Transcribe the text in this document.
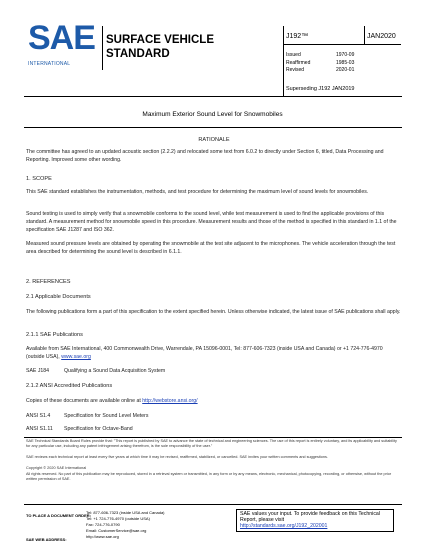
SAE
INTERNATIONAL
SURFACE VEHICLE
STANDARD
J192™	JAN2020
Issued	1970-09
Reaffirmed	1985-03
Revised	2020-01
Superseding J192 JAN2019
Maximum Exterior Sound Level for Snowmobiles
RATIONALE
The committee has agreed to an updated acoustic section (2.2.2) and relocated some text from 6.0.2 to directly under Section 6, titled, Data Processing and Reporting. Improved some other wording.
1. SCOPE
This SAE standard establishes the instrumentation, methods, and test procedure for determining the maximum level of sound levels for snowmobiles.
Sound testing is used to simply verify that a snowmobile conforms to the sound level, while test measurement is used to find the applicable provisions of this standard. A measurement method for snowmobile speed in this procedure. Measurement results and those of the method is specified in this standard in 1.1 of the specification SAE J1287 and ISO 362.
Measured sound pressure levels are obtained by operating the snowmobile at the test site adjacent to the microphones. The vehicle acceleration through the test area described for determining the sound level is described in 6.1.1.
2. REFERENCES
2.1 Applicable Documents
The following publications form a part of this specification to the extent specified herein. Unless otherwise indicated, the latest issue of SAE publications shall apply.
2.1.1 SAE Publications
Available from SAE International, 400 Commonwealth Drive, Warrendale, PA 15096-0001, Tel: 877-606-7323 (inside USA and Canada) or +1 724-776-4970 (outside USA), www.sae.org
SAE J184	Qualifying a Sound Data Acquisition System
2.1.2 ANSI Accredited Publications
Copies of these documents are available online at http://webstore.ansi.org/
ANSI S1.4	Specification for Sound Level Meters
ANSI S1.11 Specification for Octave-Band
SAE Technical Standards Board Rules provide that: "This report is published by SAE to advance the state of technical and engineering sciences. The use of this report is entirely voluntary, and its applicability and suitability for any particular use, including any patent infringement arising therefrom, is the sole responsibility of the user."
SAE reviews each technical report at least every five years at which time it may be revised, reaffirmed, stabilized, or cancelled. SAE invites your written comments and suggestions.
Copyright © 2020 SAE International
All rights reserved. No part of this publication may be reproduced, stored in a retrieval system or transmitted, in any form or by any means, electronic, mechanical, photocopying, recording, or otherwise, without the prior written permission of SAE.
TO PLACE A DOCUMENT ORDER:
Tel: 877-606-7323 (inside USA and Canada)
Tel: +1 724-776-4970 (outside USA)
Fax: 724-776-0790
Email: CustomerService@sae.org
http://www.sae.org
SAE values your input. To provide feedback on this Technical Report, please visit
http://standards.sae.org/J192_202001
SAE WEB ADDRESS:
